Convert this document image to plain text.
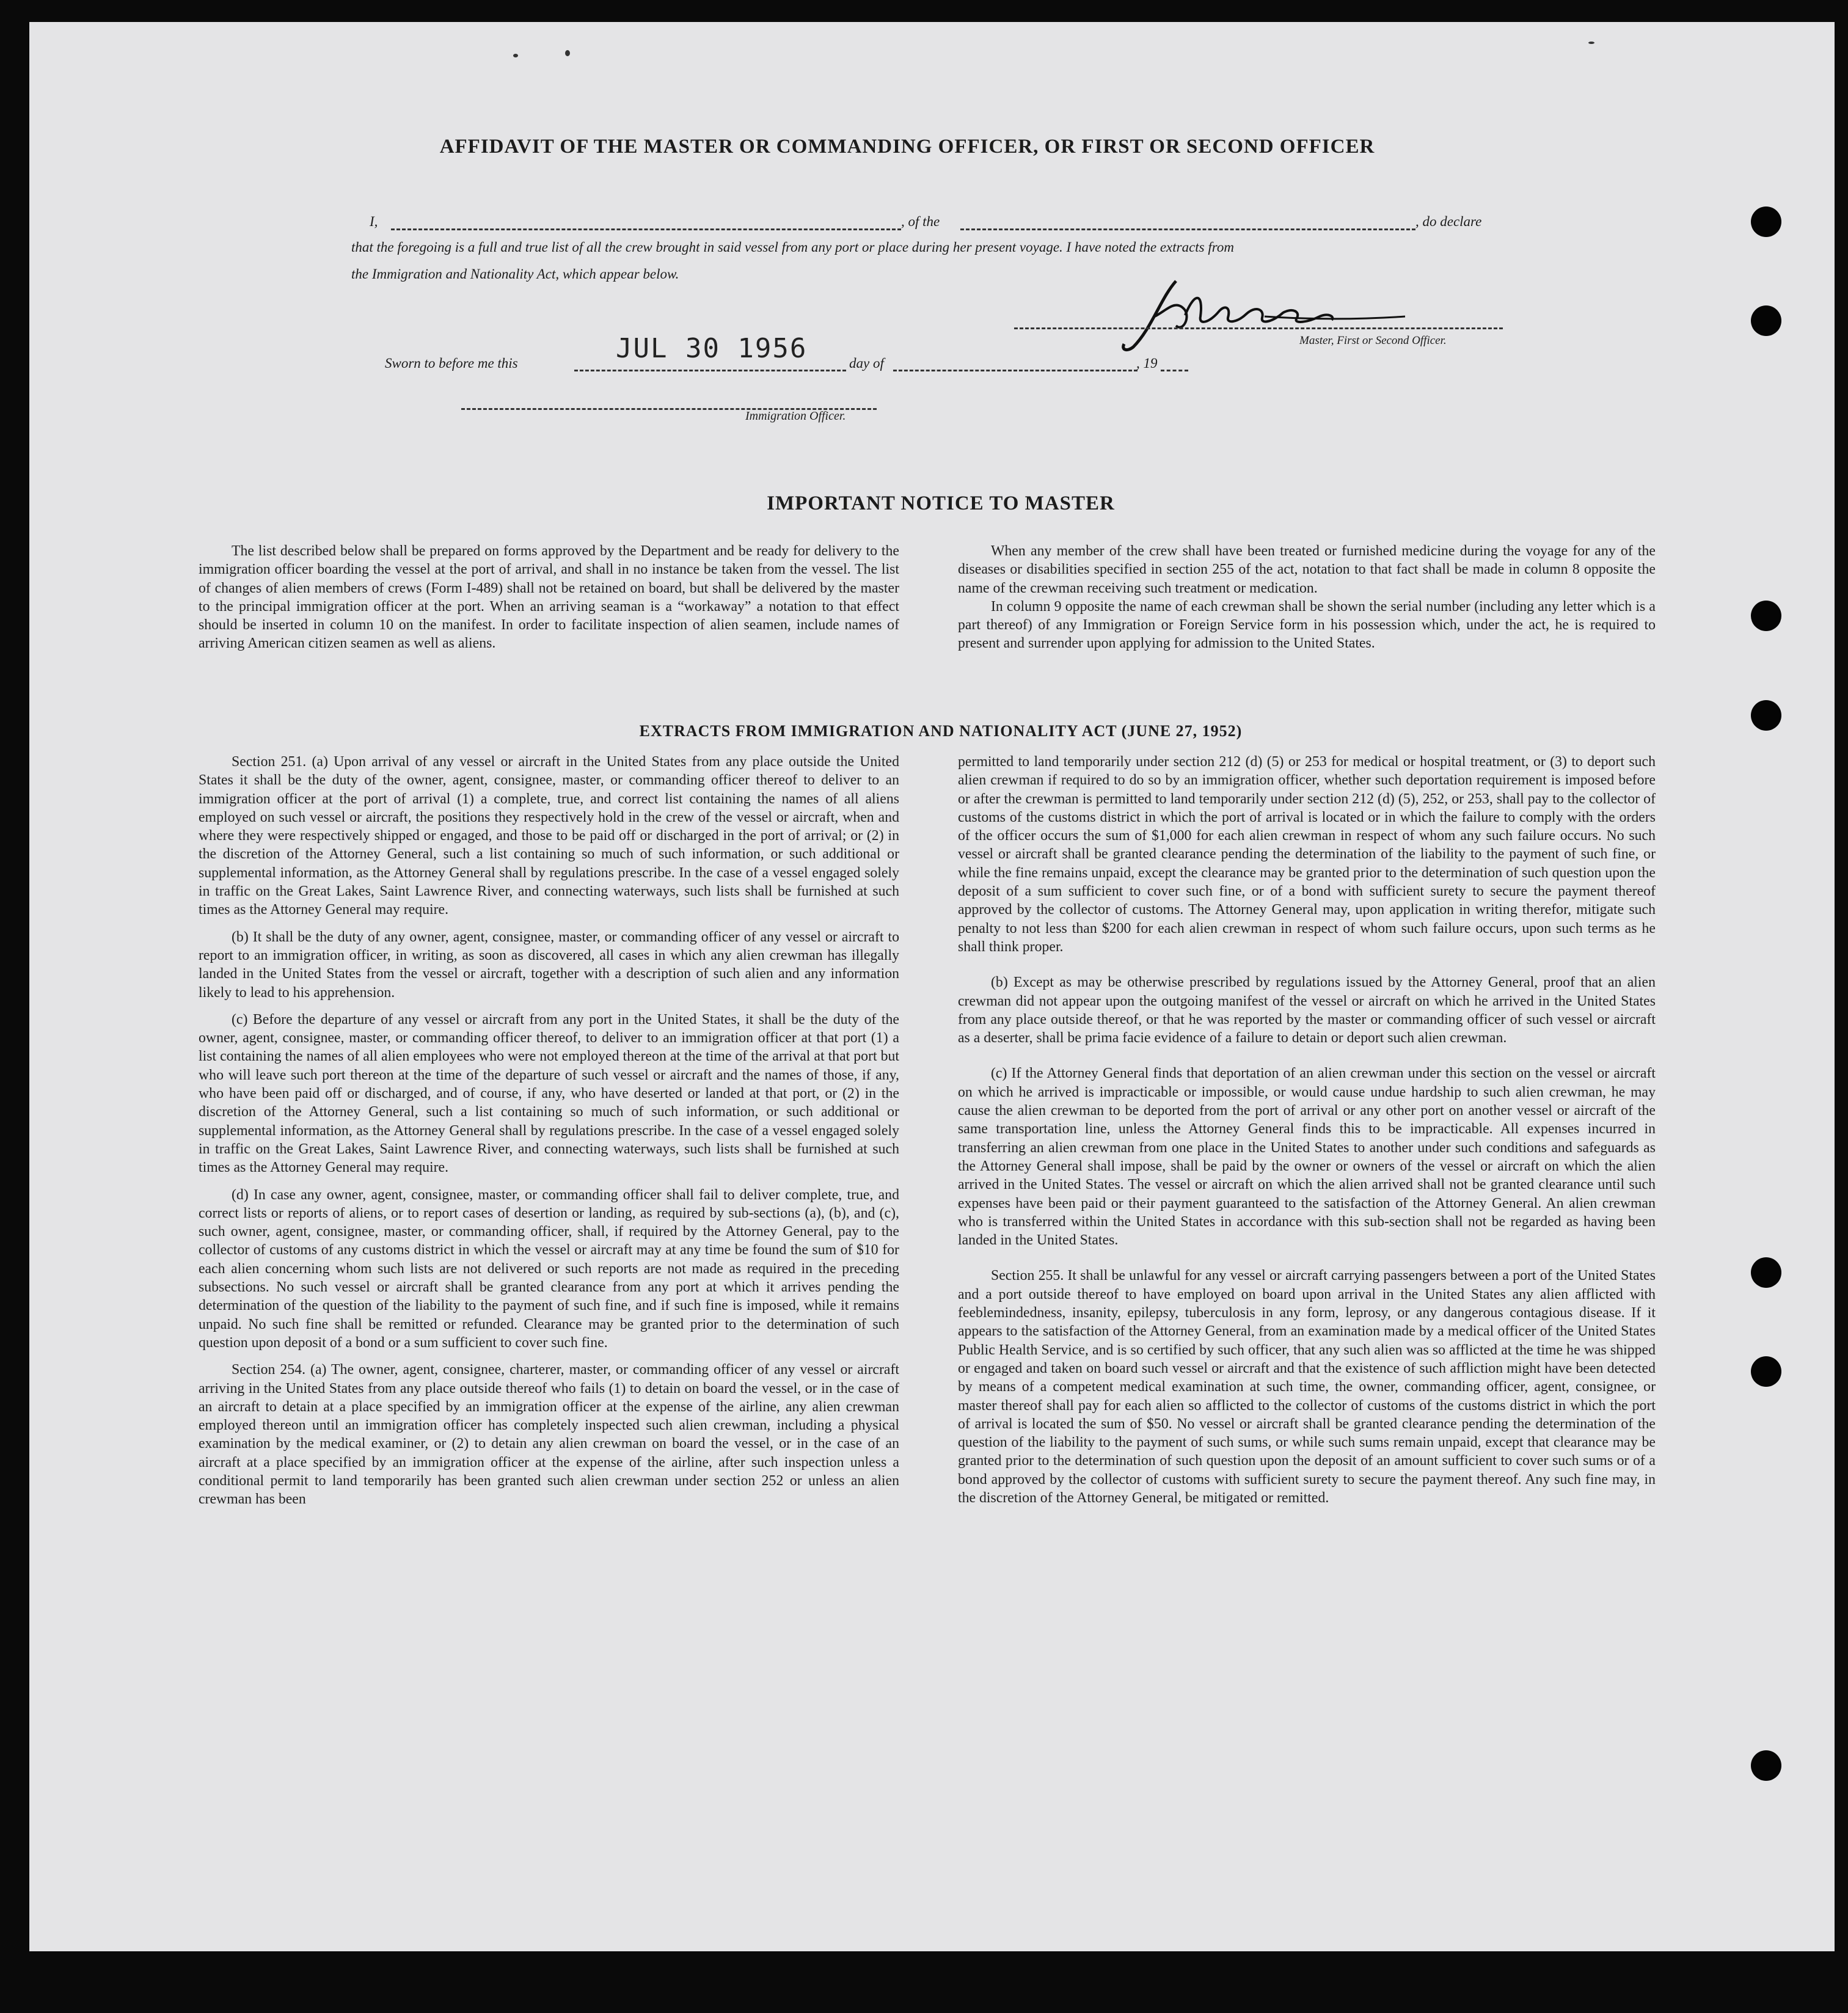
AFFIDAVIT OF THE MASTER OR COMMANDING OFFICER, OR FIRST OR SECOND OFFICER
I,	, of the	, do declare
that the foregoing is a full and true list of all the crew brought in said vessel from any port or place during her present voyage. I have noted the extracts from
the Immigration and Nationality Act, which appear below.
Master, First or Second Officer.
Sworn to before me this	JUL 30 1956	day of	, 19
Immigration Officer.
IMPORTANT NOTICE TO MASTER

The list described below shall be prepared on forms approved by the Department and be ready for delivery to the immigration officer boarding the vessel at the port of arrival, and shall in no instance be taken from the vessel. The list of changes of alien members of crews (Form I-489) shall not be retained on board, but shall be delivered by the master to the principal immigration officer at the port. When an arriving seaman is a “workaway” a notation to that effect should be inserted in column 10 on the manifest. In order to facilitate inspection of alien seamen, include names of arriving American citizen seamen as well as aliens.

When any member of the crew shall have been treated or furnished medicine during the voyage for any of the diseases or disabilities specified in section 255 of the act, notation to that fact shall be made in column 8 opposite the name of the crewman receiving such treatment or medication.

In column 9 opposite the name of each crewman shall be shown the serial number (including any letter which is a part thereof) of any Immigration or Foreign Service form in his possession which, under the act, he is required to present and surrender upon applying for admission to the United States.

EXTRACTS FROM IMMIGRATION AND NATIONALITY ACT (JUNE 27, 1952)

Section 251. (a) Upon arrival of any vessel or aircraft in the United States from any place outside the United States it shall be the duty of the owner, agent, consignee, master, or commanding officer thereof to deliver to an immigration officer at the port of arrival (1) a complete, true, and correct list containing the names of all aliens employed on such vessel or aircraft, the positions they respectively hold in the crew of the vessel or aircraft, when and where they were respectively shipped or engaged, and those to be paid off or discharged in the port of arrival; or (2) in the discretion of the Attorney General, such a list containing so much of such information, or such additional or supplemental information, as the Attorney General shall by regulations prescribe. In the case of a vessel engaged solely in traffic on the Great Lakes, Saint Lawrence River, and connecting waterways, such lists shall be furnished at such times as the Attorney General may require.

(b) It shall be the duty of any owner, agent, consignee, master, or commanding officer of any vessel or aircraft to report to an immigration officer, in writing, as soon as discovered, all cases in which any alien crewman has illegally landed in the United States from the vessel or aircraft, together with a description of such alien and any information likely to lead to his apprehension.

(c) Before the departure of any vessel or aircraft from any port in the United States, it shall be the duty of the owner, agent, consignee, master, or commanding officer thereof, to deliver to an immigration officer at that port (1) a list containing the names of all alien employees who were not employed thereon at the time of the arrival at that port but who will leave such port thereon at the time of the departure of such vessel or aircraft and the names of those, if any, who have been paid off or discharged, and of course, if any, who have deserted or landed at that port, or (2) in the discretion of the Attorney General, such a list containing so much of such information, or such additional or supplemental information, as the Attorney General shall by regulations prescribe. In the case of a vessel engaged solely in traffic on the Great Lakes, Saint Lawrence River, and connecting waterways, such lists shall be furnished at such times as the Attorney General may require.

(d) In case any owner, agent, consignee, master, or commanding officer shall fail to deliver complete, true, and correct lists or reports of aliens, or to report cases of desertion or landing, as required by sub-sections (a), (b), and (c), such owner, agent, consignee, master, or commanding officer, shall, if required by the Attorney General, pay to the collector of customs of any customs district in which the vessel or aircraft may at any time be found the sum of $10 for each alien concerning whom such lists are not delivered or such reports are not made as required in the preceding subsections. No such vessel or aircraft shall be granted clearance from any port at which it arrives pending the determination of the question of the liability to the payment of such fine, and if such fine is imposed, while it remains unpaid. No such fine shall be remitted or refunded. Clearance may be granted prior to the determination of such question upon deposit of a bond or a sum sufficient to cover such fine.

Section 254. (a) The owner, agent, consignee, charterer, master, or commanding officer of any vessel or aircraft arriving in the United States from any place outside thereof who fails (1) to detain on board the vessel, or in the case of an aircraft to detain at a place specified by an immigration officer at the expense of the airline, any alien crewman employed thereon until an immigration officer has completely inspected such alien crewman, including a physical examination by the medical examiner, or (2) to detain any alien crewman on board the vessel, or in the case of an aircraft at a place specified by an immigration officer at the expense of the airline, after such inspection unless a conditional permit to land temporarily has been granted such alien crewman under section 252 or unless an alien crewman has been

permitted to land temporarily under section 212 (d) (5) or 253 for medical or hospital treatment, or (3) to deport such alien crewman if required to do so by an immigration officer, whether such deportation requirement is imposed before or after the crewman is permitted to land temporarily under section 212 (d) (5), 252, or 253, shall pay to the collector of customs of the customs district in which the port of arrival is located or in which the failure to comply with the orders of the officer occurs the sum of $1,000 for each alien crewman in respect of whom any such failure occurs. No such vessel or aircraft shall be granted clearance pending the determination of the liability to the payment of such fine, or while the fine remains unpaid, except the clearance may be granted prior to the determination of such question upon the deposit of a sum sufficient to cover such fine, or of a bond with sufficient surety to secure the payment thereof approved by the collector of customs. The Attorney General may, upon application in writing therefor, mitigate such penalty to not less than $200 for each alien crewman in respect of whom such failure occurs, upon such terms as he shall think proper.

(b) Except as may be otherwise prescribed by regulations issued by the Attorney General, proof that an alien crewman did not appear upon the outgoing manifest of the vessel or aircraft on which he arrived in the United States from any place outside thereof, or that he was reported by the master or commanding officer of such vessel or aircraft as a deserter, shall be prima facie evidence of a failure to detain or deport such alien crewman.

(c) If the Attorney General finds that deportation of an alien crewman under this section on the vessel or aircraft on which he arrived is impracticable or impossible, or would cause undue hardship to such alien crewman, he may cause the alien crewman to be deported from the port of arrival or any other port on another vessel or aircraft of the same transportation line, unless the Attorney General finds this to be impracticable. All expenses incurred in transferring an alien crewman from one place in the United States to another under such conditions and safeguards as the Attorney General shall impose, shall be paid by the owner or owners of the vessel or aircraft on which the alien arrived in the United States. The vessel or aircraft on which the alien arrived shall not be granted clearance until such expenses have been paid or their payment guaranteed to the satisfaction of the Attorney General. An alien crewman who is transferred within the United States in accordance with this sub-section shall not be regarded as having been landed in the United States.

Section 255. It shall be unlawful for any vessel or aircraft carrying passengers between a port of the United States and a port outside thereof to have employed on board upon arrival in the United States any alien afflicted with feeblemindedness, insanity, epilepsy, tuberculosis in any form, leprosy, or any dangerous contagious disease. If it appears to the satisfaction of the Attorney General, from an examination made by a medical officer of the United States Public Health Service, and is so certified by such officer, that any such alien was so afflicted at the time he was shipped or engaged and taken on board such vessel or aircraft and that the existence of such affliction might have been detected by means of a competent medical examination at such time, the owner, commanding officer, agent, consignee, or master thereof shall pay for each alien so afflicted to the collector of customs of the customs district in which the port of arrival is located the sum of $50. No vessel or aircraft shall be granted clearance pending the determination of the question of the liability to the payment of such sums, or while such sums remain unpaid, except that clearance may be granted prior to the determination of such question upon the deposit of an amount sufficient to cover such sums or of a bond approved by the collector of customs with sufficient surety to secure the payment thereof. Any such fine may, in the discretion of the Attorney General, be mitigated or remitted.
